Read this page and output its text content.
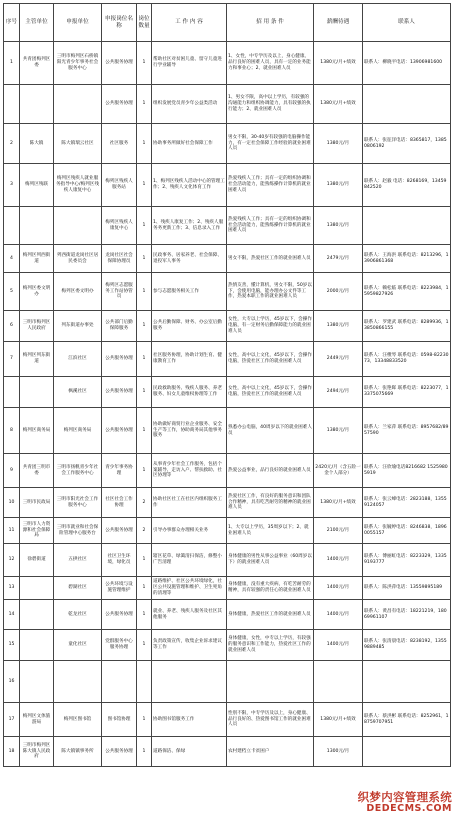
序号	主管单位	申报单位	申报岗位名称	岗位数量	工 作 内 容	招 用 条 件	薪酬待遇	联系人

1	共青团梅列区委	三明市梅列区石桥镇阳光青少年事务社会服务中心	公共服务协理	1	帮助社区对贫困儿童、留守儿童进行学业辅导	1、女性，中专学历及以上，身心健康、品行良好的困难人员，具有一定的业务能力和事业心；2、就业困难人员	1380元/月+绩效	联系人：柳晓平电话：13906981600

			公共服务协理	1	组织发展党员青少年公益类活动	1、男女不限，高中以上学历，有较强的沟通能力和组织协调能力，具有较强的执行能力；2、就业困难人员	1380元/月+绩效	

2	陈大镇	陈大镇瑞云社区	社区服务	1	协助事务所做好社会保障工作	男女不限，30-40岁有较强的电脑操作能力，有一定社会保障工作经验的就业困难人员	1380元/月	联系人：张征洋电话：8365817，13850806192

3	梅列区残联	梅列区残疾人就业服务指导中心/梅列区残疾人康复中心	梅列区残疾人服务站	1	1、梅列区残疾人活动中心的管理工作；2、残疾人文化体育工作	热爱残疾人工作；具有一定的组织协调和社会活动能力，能熟练操作计算机的就业困难人员	1380元/月	联系人：赵毅 电话：8268169，13459842520

			梅列区残疾人康复中心	1	1、残疾人康复工作；2、残疾人服务务更新工作；3、信息录入工作	热爱残疾人工作；具有一定的组织协调和社会活动能力，能熟练操作计算机的就业困难人员	1380元/月	

4	梅列区列西街道	列西街道龙岗社区居民委员会	龙岗社区社会保障协理员	1	民政事务、居家养老、社会保障、退役军人事务	男女不限，热爱社区工作的就业困难人员	2479元/月	联系人：王海洪 联系电话：8213296，13906861368

5	梅列区委文明办	梅列区委文明办	梅列区志愿服务工作站协管员	1	参与志愿服务相关工作	热情友善，懂计算机，男女不限，50岁以下，会使用电脑，能办理办公文件等工作，热爱本职工作的就业困难人员	2000元/月	联系人：赖松临 联系电话：8223984，15959827926

6	三明市梅列区人民政府	列东街道办事处	公共部门后勤保障服务	1	公共后勤保障、财务、办公室后勤服务	女性，大专以上学历，45岁以下，会操作电脑，有一定财务后勤保障能力的就业困难人员	1380元/月	联系人：罗建武 联系电话：8289936，13850866155

7	梅列区列东街道	江滨社区	公共服务协理	1	社区服务协理，协助计划生育、健康教育工作	女性，高中以上文化，45岁以下，会操作电脑，热爱社区工作的就业困难人员	2449元/月	联系人：汪楂琴 联系电话：0598-8223073，13348833520

		枫溪社区	公共服务协理	1	民政救助服务、残疾人服务、养老服务、妇女儿童维权协理等工作	女性，高中以上文化，45岁以下，会操作电脑，热爱社区工作的就业困难人员	2494元/月	联系人：张艳晖 联系电话：8223077，13375075669

8	梅列区商务局	梅列区商务局	公共服务协理	1	协助做好商贸行业企业服务、安全生产等工作，协助商务局其他事务服务	熟悉办公电脑，40周岁以下的就业困难人员	1380元/月	联系人：兰家萍 联系电话：8957682/8957590

9	共青团三明市委	三明市扬帆青少年社会工作服务中心	青少年事务协理	1	从事青少年社会工作服务，包括个案辅导、走访入户、帮扶救助、社区协理等	热爱公益事业，品行良好的就业困难人员	2420元/月（含五险一金个人部分）	联系人：汪欣瑜电话8216682 15259805919

10	三明市民政局	三明市阳光社会工作服务中心	社区社会工作协理	2	协助社区社工在社区内组织服务工作	热爱社区工作，有良好的服务意识和团队合作精神，具有吃苦耐劳的精神的就业困难人员	1380元/月+绩效	联系人：张云峰电话：2823188，13559124057

11	三明市人力资源和社会保障局	三明市就业和社会保险管理中心服务台	公共服务协理	2	引导办事群众办理相关业务	1、大专以上学历，35周岁以下；2、就业困难人员	2100元/月	联系人：张毓婷电话：8246838，18960055157

12	徐碧街道	五拱社区	社区卫生环境，绿化员	1	辖区花草、绿篱清扫保洁，修整小广告清理	身体健康的男性从事公益事业（60周岁以下）的就业困难人员	1400元/月	联系人：傅丽虹电话：8223329，13359193777

13		碧湖社区	公共环境与设施管理维护	1	道路维护、社区公共环境绿化，社区公共设施管理和维护、卫生死角的清理等	身体健康，没有重大疾病，有吃苦耐劳的精神，具有较强的责任心的就业困难人员	1400元/月	联系人：陈洪萍电话：13559895189

14		乾龙社区	公共服务协理	1	就业、养老、残疾人服务及社区其他服务	身体健康，热爱社区工作的就业困难人员	1400元/月	联系人：黄昌有电话：18221219，18069961107

15		童化社区	党群服务中心服务协理	1	负责政策宣传，收集企业诉求建议等工作	身体健康，女性，中专以上学历，有较强的服务意识和工作能力，热爱社区工作的就业困难人员	1400元/月	联系人：张清晨电话：8238192，13559889485

16								

17	梅列区文体旅游局	梅列区图书馆	图书馆协理	1	协助图书馆服务工作	性别不限，中专学历及以上，身心健康、品行良好的、热爱图书馆工作的就业困难人员	1380元/月+绩效	联系人：蔡洪彬 联系电话：8252961，18759707951

18	三明市梅列区陈大镇人民政府	陈大镇镇事务所	公共服务协理	1	道路保洁、保绿	农村建档立卡贫困户	1300元/月	

织梦内容管理系统
DEDECMS.COM
